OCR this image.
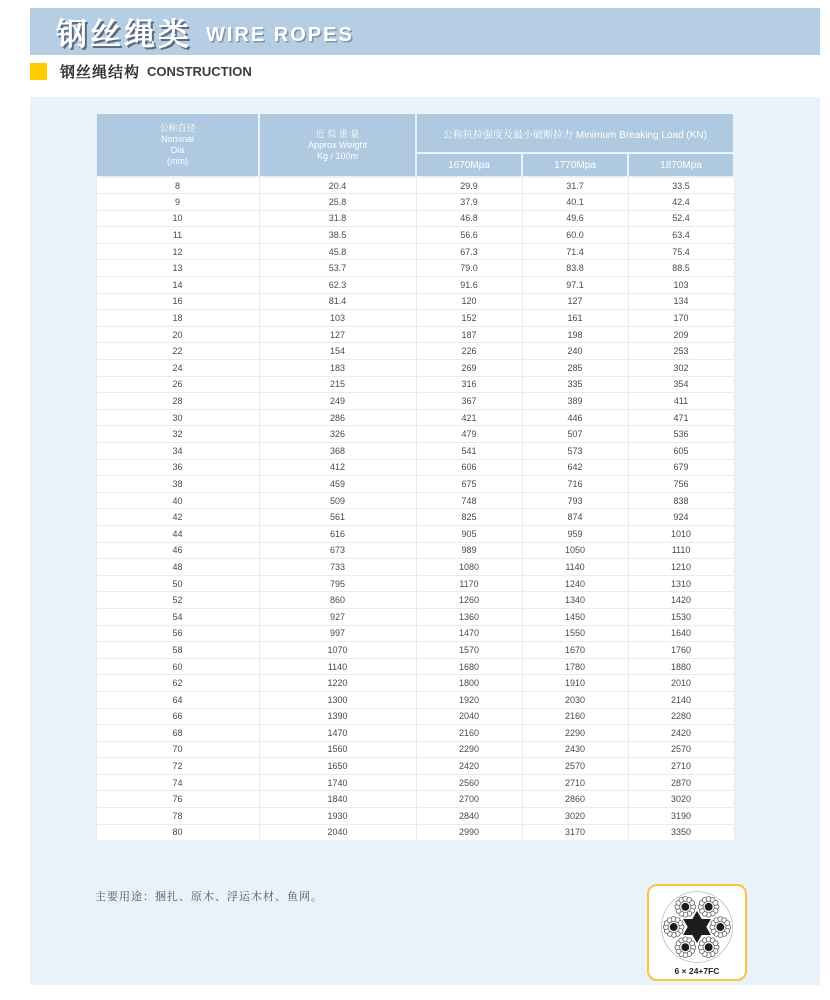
钢丝绳类 WIRE ROPES
钢丝绳结构 CONSTRUCTION
公称直径
Nominal
Dia
(mm)

近 似 重 量
Approx Weight
Kg / 100m
	公称抗拉强度及最小破断拉力 Minimum Breaking Load (KN)
		1670Mpa	1770Mpa	1870Mpa
8	20.4	29.9	31.7	33.5
9	25.8	37.9	40.1	42.4
10	31.8	46.8	49.6	52.4
11	38.5	56.6	60.0	63.4
12	45.8	67.3	71.4	75.4
13	53.7	79.0	83.8	88.5
14	62.3	91.6	97.1	103
16	81.4	120	127	134
18	103	152	161	170
20	127	187	198	209
22	154	226	240	253
24	183	269	285	302
26	215	316	335	354
28	249	367	389	411
30	286	421	446	471
32	326	479	507	536
34	368	541	573	605
36	412	606	642	679
38	459	675	716	756
40	509	748	793	838
42	561	825	874	924
44	616	905	959	1010
46	673	989	1050	1110
48	733	1080	1140	1210
50	795	1170	1240	1310
52	860	1260	1340	1420
54	927	1360	1450	1530
56	997	1470	1550	1640
58	1070	1570	1670	1760
60	1140	1680	1780	1880
62	1220	1800	1910	2010
64	1300	1920	2030	2140
66	1390	2040	2160	2280
68	1470	2160	2290	2420
70	1560	2290	2430	2570
72	1650	2420	2570	2710
74	1740	2560	2710	2870
76	1840	2700	2860	3020
78	1930	2840	3020	3190
80	2040	2990	3170	3350
主要用途：捆扎、原木、浮运木材、鱼网。
6 × 24+7FC
